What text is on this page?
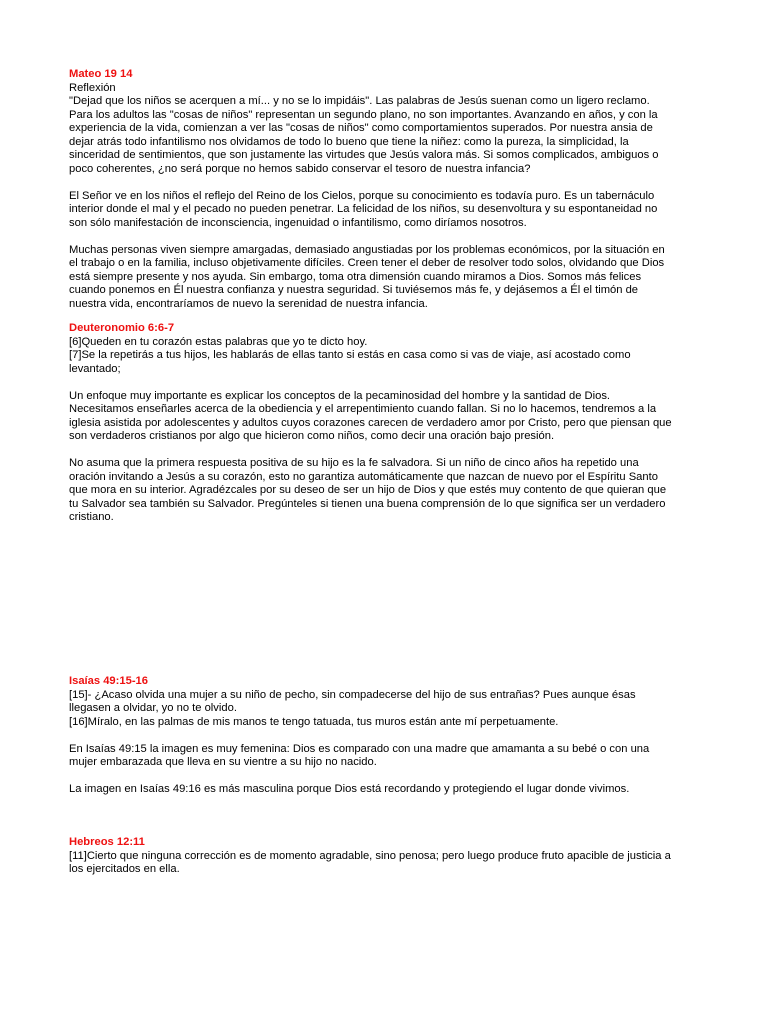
Mateo 19 14
Reflexión
"Dejad que los niños se acerquen a mí... y no se lo impidáis". Las palabras de Jesús suenan como un ligero reclamo.
Para los adultos las "cosas de niños" representan un segundo plano, no son importantes. Avanzando en años, y con la
experiencia de la vida, comienzan a ver las "cosas de niños" como comportamientos superados. Por nuestra ansia de
dejar atrás todo infantilismo nos olvidamos de todo lo bueno que tiene la niñez: como la pureza, la simplicidad, la
sinceridad de sentimientos, que son justamente las virtudes que Jesús valora más. Si somos complicados, ambiguos o
poco coherentes, ¿no será porque no hemos sabido conservar el tesoro de nuestra infancia?
El Señor ve en los niños el reflejo del Reino de los Cielos, porque su conocimiento es todavía puro. Es un tabernáculo
interior donde el mal y el pecado no pueden penetrar. La felicidad de los niños, su desenvoltura y su espontaneidad no
son sólo manifestación de inconsciencia, ingenuidad o infantilismo, como diríamos nosotros.
Muchas personas viven siempre amargadas, demasiado angustiadas por los problemas económicos, por la situación en
el trabajo o en la familia, incluso objetivamente difíciles. Creen tener el deber de resolver todo solos, olvidando que Dios
está siempre presente y nos ayuda. Sin embargo, toma otra dimensión cuando miramos a Dios. Somos más felices
cuando ponemos en Él nuestra confianza y nuestra seguridad. Si tuviésemos más fe, y dejásemos a Él el timón de
nuestra vida, encontraríamos de nuevo la serenidad de nuestra infancia.
Deuteronomio 6:6-7
[6]Queden en tu corazón estas palabras que yo te dicto hoy.
[7]Se la repetirás a tus hijos, les hablarás de ellas tanto si estás en casa como si vas de viaje, así acostado como
levantado;
Un enfoque muy importante es explicar los conceptos de la pecaminosidad del hombre y la santidad de Dios.
Necesitamos enseñarles acerca de la obediencia y el arrepentimiento cuando fallan. Si no lo hacemos, tendremos a la
iglesia asistida por adolescentes y adultos cuyos corazones carecen de verdadero amor por Cristo, pero que piensan que
son verdaderos cristianos por algo que hicieron como niños, como decir una oración bajo presión.
No asuma que la primera respuesta positiva de su hijo es la fe salvadora. Si un niño de cinco años ha repetido una
oración invitando a Jesús a su corazón, esto no garantiza automáticamente que nazcan de nuevo por el Espíritu Santo
que mora en su interior. Agradézcales por su deseo de ser un hijo de Dios y que estés muy contento de que quieran que
tu Salvador sea también su Salvador. Pregúnteles si tienen una buena comprensión de lo que significa ser un verdadero
cristiano.
Isaías 49:15-16
[15]- ¿Acaso olvida una mujer a su niño de pecho, sin compadecerse del hijo de sus entrañas? Pues aunque ésas
llegasen a olvidar, yo no te olvido.
[16]Míralo, en las palmas de mis manos te tengo tatuada, tus muros están ante mí perpetuamente.
En Isaías 49:15 la imagen es muy femenina: Dios es comparado con una madre que amamanta a su bebé o con una
mujer embarazada que lleva en su vientre a su hijo no nacido.
La imagen en Isaías 49:16 es más masculina porque Dios está recordando y protegiendo el lugar donde vivimos.
Hebreos 12:11
[11]Cierto que ninguna corrección es de momento agradable, sino penosa; pero luego produce fruto apacible de justicia a
los ejercitados en ella.
